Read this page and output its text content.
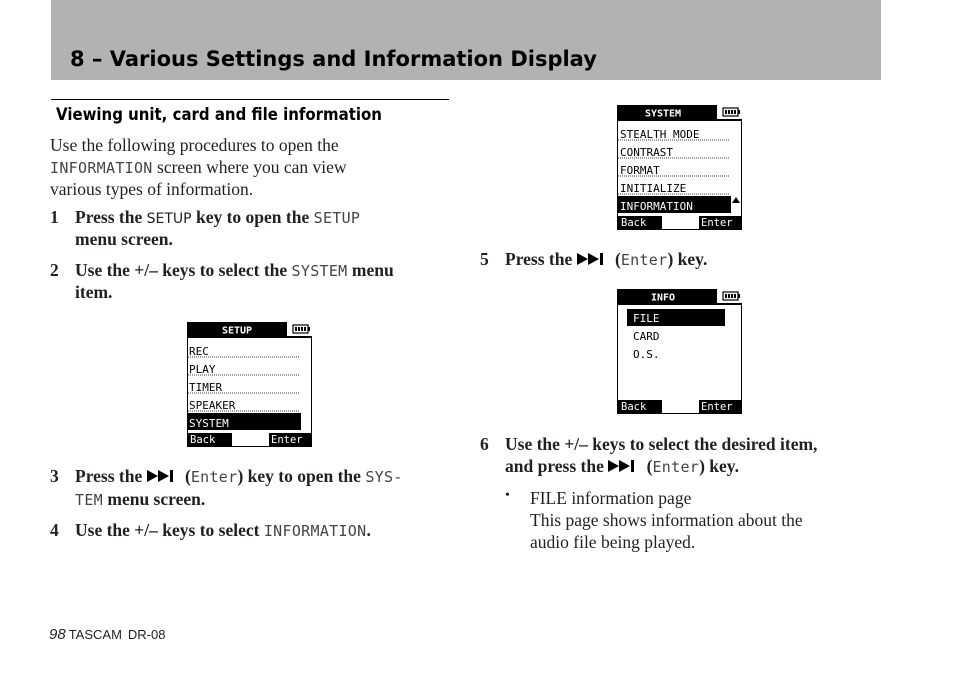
8 – Various Settings and Information Display
Viewing unit, card and file information
Use the following procedures to open the
INFORMATION screen where you can view
various types of information.
1 Press the SETUP key to open the SETUP
menu screen.
2 Use the +/– keys to select the SYSTEM menu
item.
SETUP
REC
PLAY
TIMER
SPEAKER
SYSTEM
Back	Enter
3 Press the  (Enter) key to open the SYS-
TEM menu screen.
4 Use the +/– keys to select INFORMATION.
SYSTEM
STEALTH MODE
CONTRAST
FORMAT
INITIALIZE
INFORMATION
Back	Enter
5 Press the  (Enter) key.
INFO
FILE
CARD
O.S.
Back	Enter
6 Use the +/– keys to select the desired item,
and press the  (Enter) key.
• FILE information page
This page shows information about the
audio file being played.
98 TASCAM DR-08
